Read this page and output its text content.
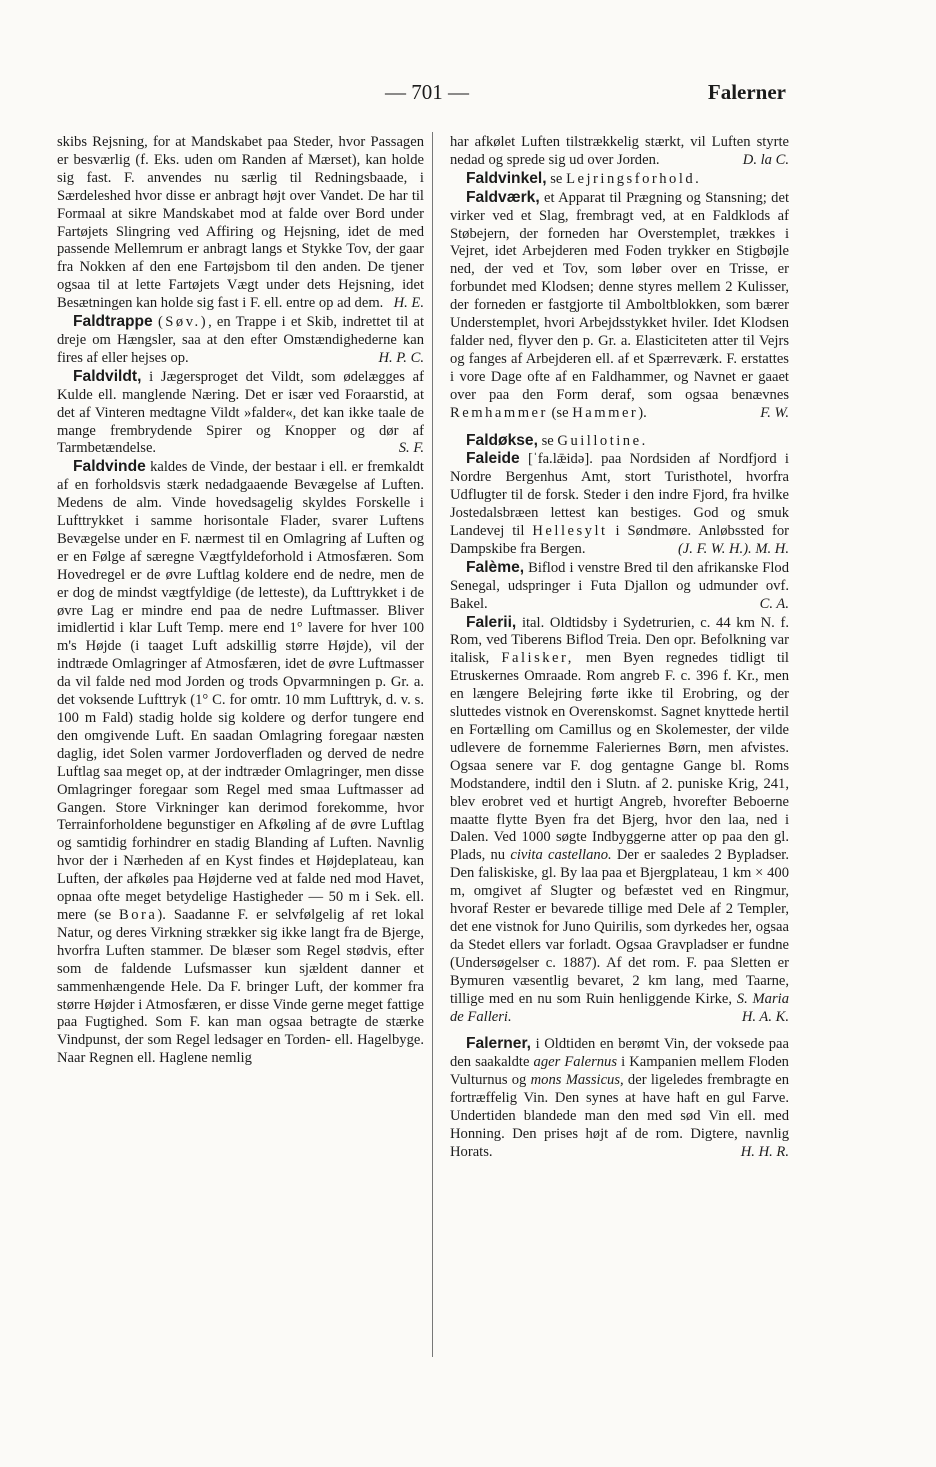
— 701 —	Falerner

skibs Rejsning, for at Mandskabet paa Steder, hvor Passagen er besværlig (f. Eks. uden om Randen af Mærset), kan holde sig fast. F. anvendes nu særlig til Redningsbaade, i Særdeleshed hvor disse er anbragt højt over Vandet. De har til Formaal at sikre Mandskabet mod at falde over Bord under Fartøjets Slingring ved Affiring og Hejsning, idet de med passende Mellemrum er anbragt langs et Stykke Tov, der gaar fra Nokken af den ene Fartøjsbom til den anden. De tjener ogsaa til at lette Fartøjets Vægt under dets Hejsning, idet Besætningen kan holde sig fast i F. ell. entre op ad dem. H. E.

Faldtrappe (Søv.), en Trappe i et Skib, indrettet til at dreje om Hængsler, saa at den efter Omstændighederne kan fires af eller hejses op.	H. P. C.

Faldvildt, i Jægersproget det Vildt, som ødelægges af Kulde ell. manglende Næring. Det er især ved Foraarstid, at det af Vinteren medtagne Vildt »falder«, det kan ikke taale de mange frembrydende Spirer og Knopper og dør af Tarmbetændelse.	S. F.

Faldvinde kaldes de Vinde, der bestaar i ell. er fremkaldt af en forholdsvis stærk nedadgaaende Bevægelse af Luften. Medens de alm. Vinde hovedsagelig skyldes Forskelle i Lufttrykket i samme horisontale Flader, svarer Luftens Bevægelse under en F. nærmest til en Omlagring af Luften og er en Følge af særegne Vægtfyldeforhold i Atmosfæren. Som Hovedregel er de øvre Luftlag koldere end de nedre, men de er dog de mindst vægtfyldige (de letteste), da Lufttrykket i de øvre Lag er mindre end paa de nedre Luftmasser. Bliver imidlertid i klar Luft Temp. mere end 1° lavere for hver 100 m's Højde (i taaget Luft adskillig større Højde), vil der indtræde Omlagringer af Atmosfæren, idet de øvre Luftmasser da vil falde ned mod Jorden og trods Opvarmningen p. Gr. a. det voksende Lufttryk (1° C. for omtr. 10 mm Lufttryk, d. v. s. 100 m Fald) stadig holde sig koldere og derfor tungere end den omgivende Luft. En saadan Omlagring foregaar næsten daglig, idet Solen varmer Jordoverfladen og derved de nedre Luftlag saa meget op, at der indtræder Omlagringer, men disse Omlagringer foregaar som Regel med smaa Luftmasser ad Gangen. Store Virkninger kan derimod forekomme, hvor Terrainforholdene begunstiger en Afkøling af de øvre Luftlag og samtidig forhindrer en stadig Blanding af Luften. Navnlig hvor der i Nærheden af en Kyst findes et Højdeplateau, kan Luften, der afkøles paa Højderne ved at falde ned mod Havet, opnaa ofte meget betydelige Hastigheder — 50 m i Sek. ell. mere (se Bora). Saadanne F. er selvfølgelig af ret lokal Natur, og deres Virkning strækker sig ikke langt fra de Bjerge, hvorfra Luften stammer. De blæser som Regel stødvis, efter som de faldende Lufsmasser kun sjældent danner et sammenhængende Hele. Da F. bringer Luft, der kommer fra større Højder i Atmosfæren, er disse Vinde gerne meget fattige paa Fugtighed. Som F. kan man ogsaa betragte de stærke Vindpunst, der som Regel ledsager en Torden- ell. Hagelbyge. Naar Regnen ell. Haglene nemlig

har afkølet Luften tilstrækkelig stærkt, vil Luften styrte nedad og sprede sig ud over Jorden.	D. la C.

Faldvinkel, se Lejringsforhold.

Faldværk, et Apparat til Prægning og Stansning; det virker ved et Slag, frembragt ved, at en Faldklods af Støbejern, der forneden har Overstemplet, trækkes i Vejret, idet Arbejderen med Foden trykker en Stigbøjle ned, der ved et Tov, som løber over en Trisse, er forbundet med Klodsen; denne styres mellem 2 Kulisser, der forneden er fastgjorte til Amboltblokken, som bærer Understemplet, hvori Arbejdsstykket hviler. Idet Klodsen falder ned, flyver den p. Gr. a. Elasticiteten atter til Vejrs og fanges af Arbejderen ell. af et Spærreværk. F. erstattes i vore Dage ofte af en Faldhammer, og Navnet er gaaet over paa den Form deraf, som ogsaa benævnes Remhammer (se Hammer).	F. W.

Faldøkse, se Guillotine.

Faleide [ˈfa.lǣidə]. paa Nordsiden af Nordfjord i Nordre Bergenhus Amt, stort Turisthotel, hvorfra Udflugter til de forsk. Steder i den indre Fjord, fra hvilke Jostedalsbræen lettest kan bestiges. God og smuk Landevej til Hellesylt i Søndmøre. Anløbssted for Dampskibe fra Bergen.	(J. F. W. H.). M. H.

Falème, Biflod i venstre Bred til den afrikanske Flod Senegal, udspringer i Futa Djallon og udmunder ovf. Bakel.	C. A.

Falerii, ital. Oldtidsby i Sydetrurien, c. 44 km N. f. Rom, ved Tiberens Biflod Treia. Den opr. Befolkning var italisk, Falisker, men Byen regnedes tidligt til Etruskernes Omraade. Rom angreb F. c. 396 f. Kr., men en længere Belejring førte ikke til Erobring, og der sluttedes vistnok en Overenskomst. Sagnet knyttede hertil en Fortælling om Camillus og en Skolemester, der vilde udlevere de fornemme Faleriernes Børn, men afvistes. Ogsaa senere var F. dog gentagne Gange bl. Roms Modstandere, indtil den i Slutn. af 2. puniske Krig, 241, blev erobret ved et hurtigt Angreb, hvorefter Beboerne maatte flytte Byen fra det Bjerg, hvor den laa, ned i Dalen. Ved 1000 søgte Indbyggerne atter op paa den gl. Plads, nu civita castellano. Der er saaledes 2 Bypladser. Den faliskiske, gl. By laa paa et Bjergplateau, 1 km × 400 m, omgivet af Slugter og befæstet ved en Ringmur, hvoraf Rester er bevarede tillige med Dele af 2 Templer, det ene vistnok for Juno Quirilis, som dyrkedes her, ogsaa da Stedet ellers var forladt. Ogsaa Gravpladser er fundne (Undersøgelser c. 1887). Af det rom. F. paa Sletten er Bymuren væsentlig bevaret, 2 km lang, med Taarne, tillige med en nu som Ruin henliggende Kirke, S. Maria de Falleri.	H. A. K.

Falerner, i Oldtiden en berømt Vin, der voksede paa den saakaldte ager Falernus i Kampanien mellem Floden Vulturnus og mons Massicus, der ligeledes frembragte en fortræffelig Vin. Den synes at have haft en gul Farve. Undertiden blandede man den med sød Vin ell. med Honning. Den prises højt af de rom. Digtere, navnlig Horats.	H. H. R.
